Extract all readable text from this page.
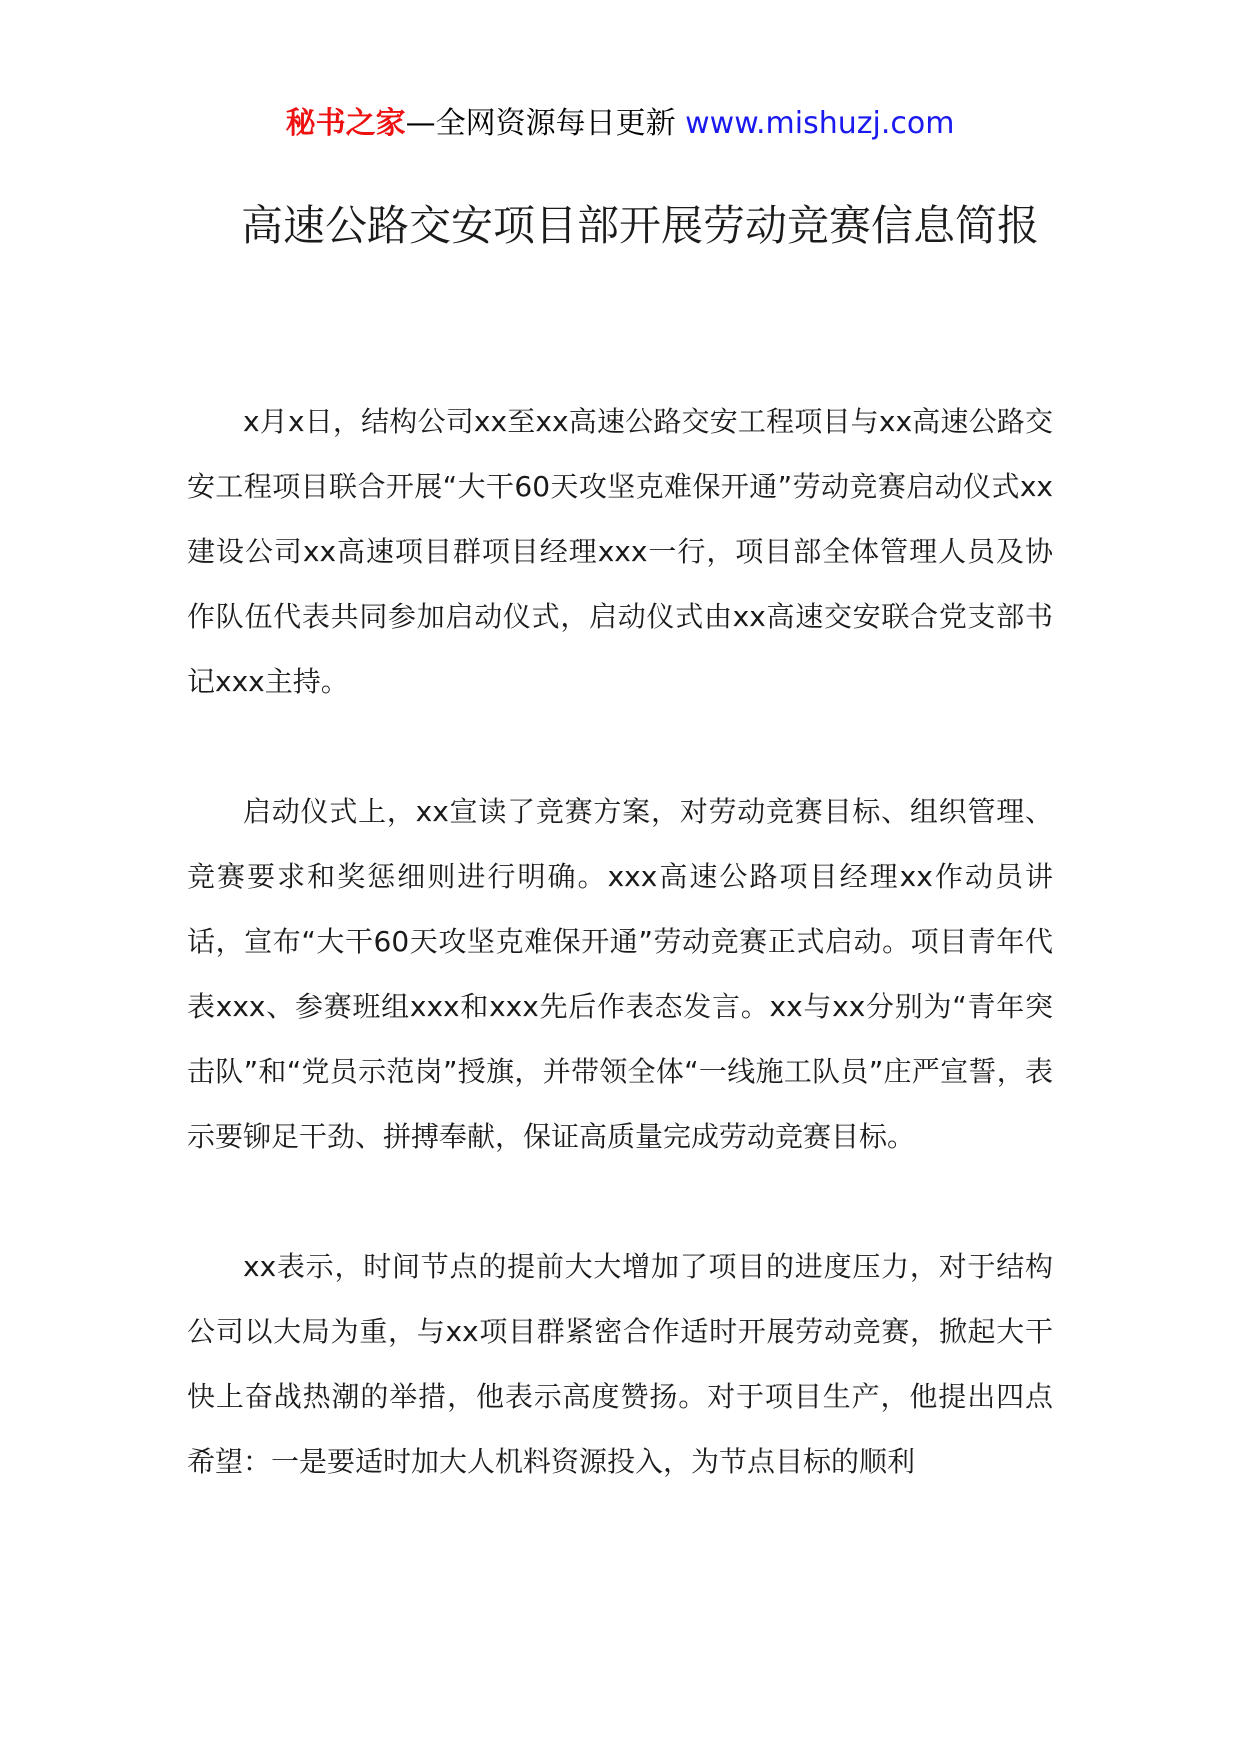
秘书之家—全网资源每日更新 www.mishuzj.com
高速公路交安项目部开展劳动竞赛信息简报

x月x日，结构公司xx至xx高速公路交安工程项目与xx高速公路交安工程项目联合开展“大干60天攻坚克难保开通”劳动竞赛启动仪式xx建设公司xx高速项目群项目经理xxx一行，项目部全体管理人员及协作队伍代表共同参加启动仪式，启动仪式由xx高速交安联合党支部书记xxx主持。

启动仪式上，xx宣读了竞赛方案，对劳动竞赛目标、组织管理、竞赛要求和奖惩细则进行明确。xxx高速公路项目经理xx作动员讲话，宣布“大干60天攻坚克难保开通”劳动竞赛正式启动。项目青年代表xxx、参赛班组xxx和xxx先后作表态发言。xx与xx分别为“青年突击队”和“党员示范岗”授旗，并带领全体“一线施工队员”庄严宣誓，表示要铆足干劲、拼搏奉献，保证高质量完成劳动竞赛目标。

xx表示，时间节点的提前大大增加了项目的进度压力，对于结构公司以大局为重，与xx项目群紧密合作适时开展劳动竞赛，掀起大干快上奋战热潮的举措，他表示高度赞扬。对于项目生产，他提出四点希望：一是要适时加大人机料资源投入，为节点目标的顺利
